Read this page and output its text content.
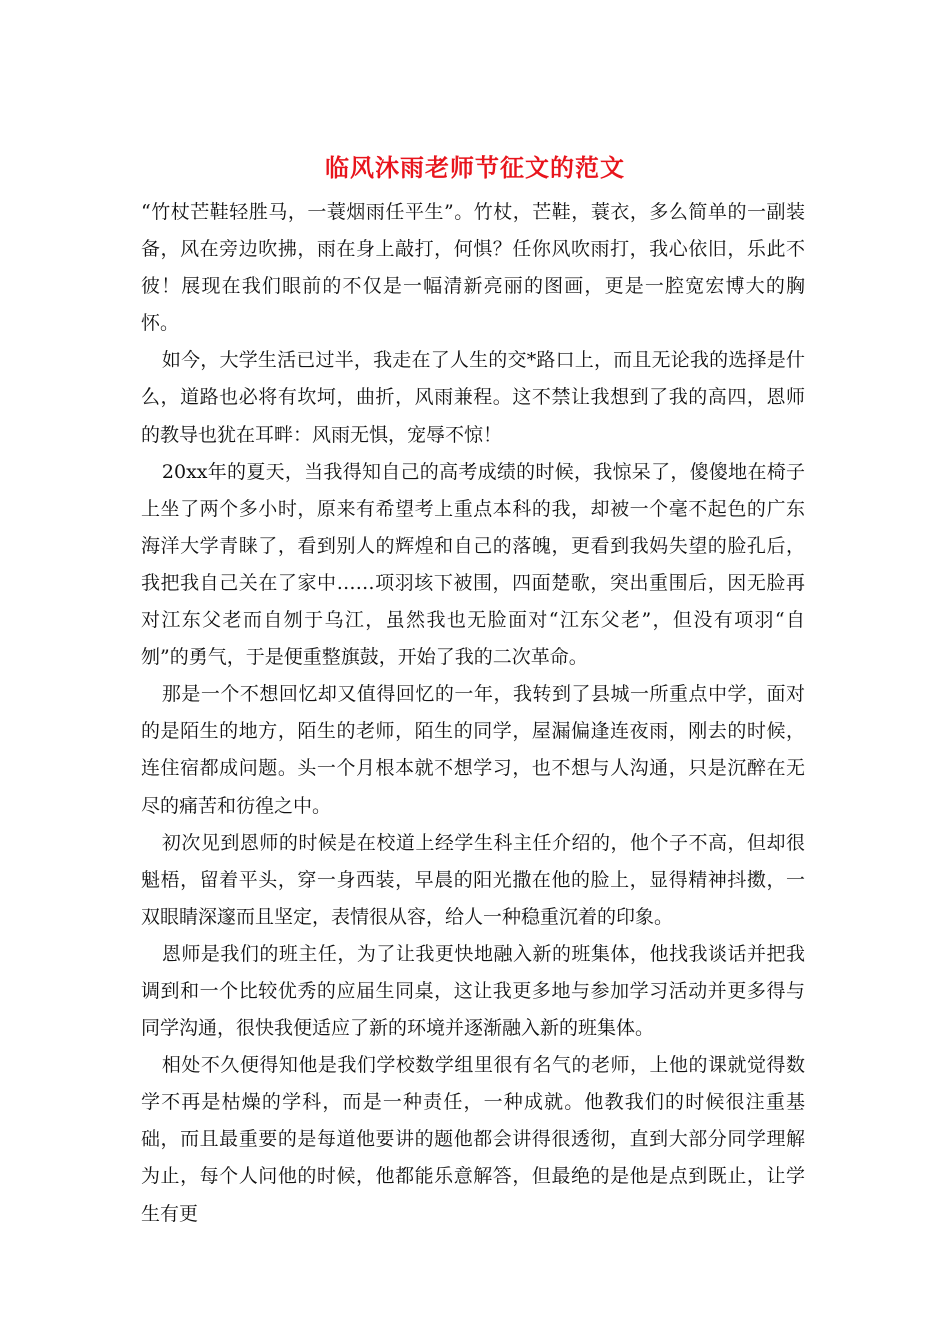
临风沐雨老师节征文的范文

“竹杖芒鞋轻胜马，一蓑烟雨任平生”。竹杖，芒鞋，蓑衣，多么简单的一副装备，风在旁边吹拂，雨在身上敲打，何惧？任你风吹雨打，我心依旧，乐此不彼！展现在我们眼前的不仅是一幅清新亮丽的图画，更是一腔宽宏博大的胸怀。

如今，大学生活已过半，我走在了人生的交*路口上，而且无论我的选择是什么，道路也必将有坎坷，曲折，风雨兼程。这不禁让我想到了我的高四，恩师的教导也犹在耳畔：风雨无惧，宠辱不惊！

20xx年的夏天，当我得知自己的高考成绩的时候，我惊呆了，傻傻地在椅子上坐了两个多小时，原来有希望考上重点本科的我，却被一个毫不起色的广东海洋大学青睐了，看到别人的辉煌和自己的落魄，更看到我妈失望的脸孔后，我把我自己关在了家中……项羽垓下被围，四面楚歌，突出重围后，因无脸再对江东父老而自刎于乌江，虽然我也无脸面对“江东父老”，但没有项羽“自刎”的勇气，于是便重整旗鼓，开始了我的二次革命。

那是一个不想回忆却又值得回忆的一年，我转到了县城一所重点中学，面对的是陌生的地方，陌生的老师，陌生的同学，屋漏偏逢连夜雨，刚去的时候，连住宿都成问题。头一个月根本就不想学习，也不想与人沟通，只是沉醉在无尽的痛苦和彷徨之中。

初次见到恩师的时候是在校道上经学生科主任介绍的，他个子不高，但却很魁梧，留着平头，穿一身西装，早晨的阳光撒在他的脸上，显得精神抖擞，一双眼睛深邃而且坚定，表情很从容，给人一种稳重沉着的印象。

恩师是我们的班主任，为了让我更快地融入新的班集体，他找我谈话并把我调到和一个比较优秀的应届生同桌，这让我更多地与参加学习活动并更多得与同学沟通，很快我便适应了新的环境并逐渐融入新的班集体。

相处不久便得知他是我们学校数学组里很有名气的老师，上他的课就觉得数学不再是枯燥的学科，而是一种责任，一种成就。他教我们的时候很注重基础，而且最重要的是每道他要讲的题他都会讲得很透彻，直到大部分同学理解为止，每个人问他的时候，他都能乐意解答，但最绝的是他是点到既止，让学生有更
